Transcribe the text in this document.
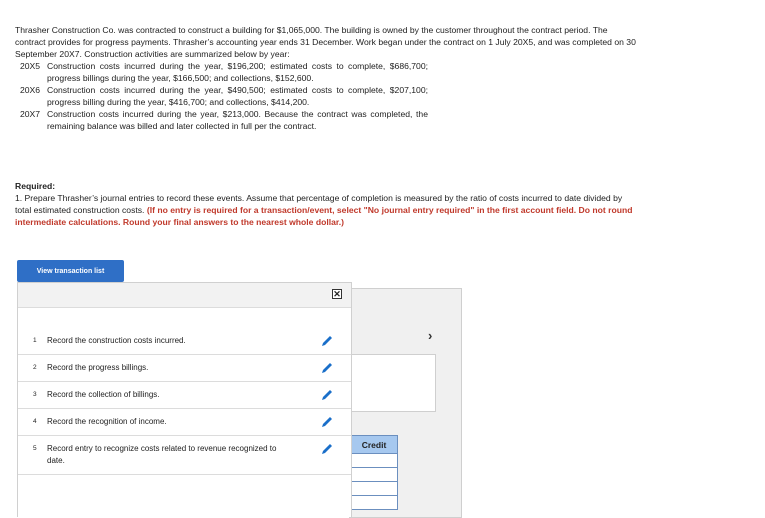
Thrasher Construction Co. was contracted to construct a building for $1,065,000. The building is owned by the customer throughout the contract period. The contract provides for progress payments. Thrasher’s accounting year ends 31 December. Work began under the contract on 1 July 20X5, and was completed on 30 September 20X7. Construction activities are summarized below by year:

20X5 Construction costs incurred during the year, $196,200; estimated costs to complete, $686,700; progress billings during the year, $166,500; and collections, $152,600.
20X6 Construction costs incurred during the year, $490,500; estimated costs to complete, $207,100; progress billing during the year, $416,700; and collections, $414,200.
20X7 Construction costs incurred during the year, $213,000. Because the contract was completed, the remaining balance was billed and later collected in full per the contract.

Required:

1. Prepare Thrasher’s journal entries to record these events. Assume that percentage of completion is measured by the ratio of costs incurred to date divided by total estimated construction costs. (If no entry is required for a transaction/event, select "No journal entry required" in the first account field. Do not round intermediate calculations. Round your final answers to the nearest whole dollar.)

View transaction list
›
Credit
✕
1 Record the construction costs incurred.
2 Record the progress billings.
3 Record the collection of billings.
4 Record the recognition of income.
5 Record entry to recognize costs related to revenue recognized to date.
